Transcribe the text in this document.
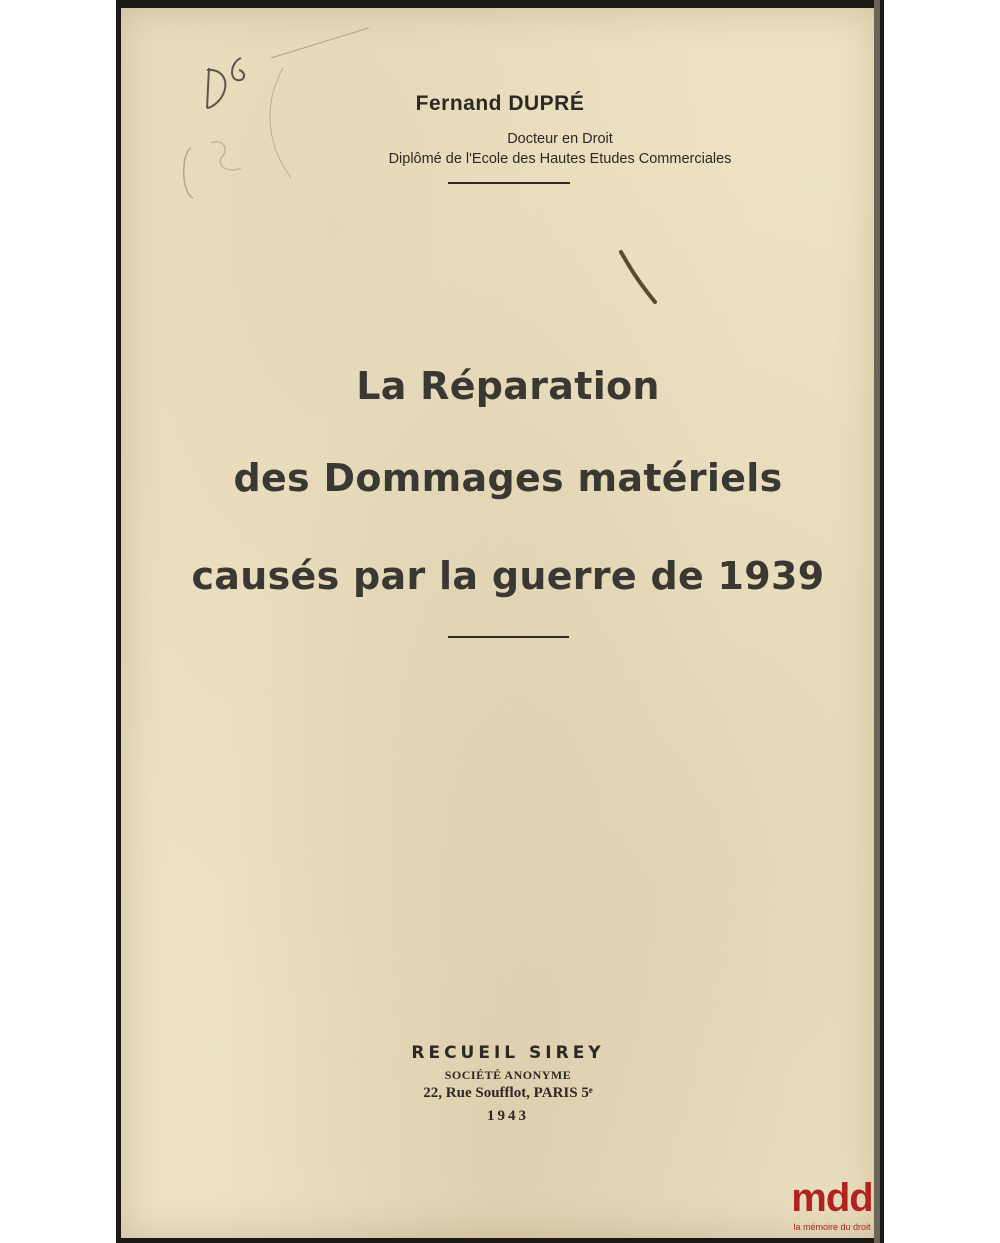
Fernand DUPRÉ
Docteur en Droit
Diplômé de l'Ecole des Hautes Etudes Commerciales
La Réparation
des Dommages matériels
causés par la guerre de 1939
RECUEIL SIREY
SOCIÉTÉ ANONYME
22, Rue Soufflot, PARIS 5ᵉ
1943
mdd
la mémoire du droit
